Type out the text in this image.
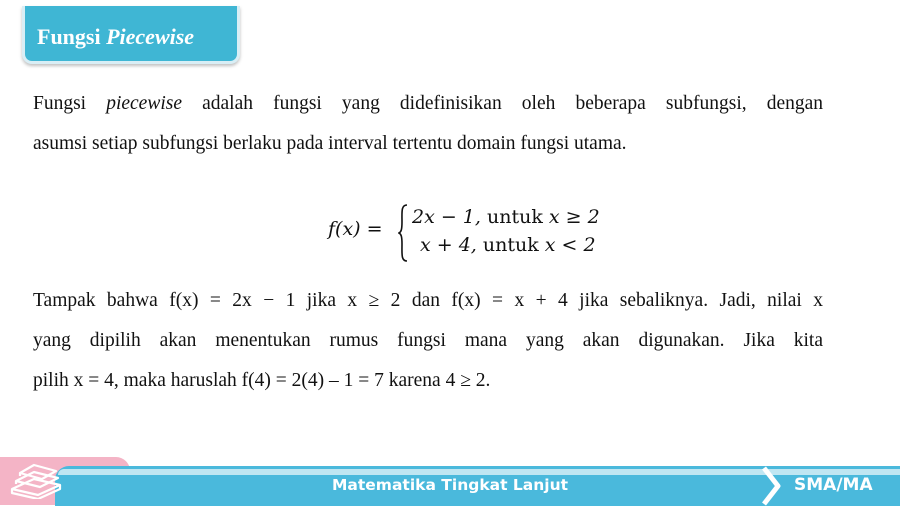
Fungsi Piecewise
Fungsi piecewise adalah fungsi yang didefinisikan oleh beberapa subfungsi, dengan
asumsi setiap subfungsi berlaku pada interval tertentu domain fungsi utama.
f(x) =
2x − 1, untuk x ≥ 2
x + 4, untuk x < 2
Tampak bahwa f(x) = 2x − 1 jika x ≥ 2 dan f(x) = x + 4 jika sebaliknya. Jadi, nilai x
yang dipilih akan menentukan rumus fungsi mana yang akan digunakan. Jika kita
pilih x = 4, maka haruslah f(4) = 2(4) – 1 = 7 karena 4 ≥ 2.
Matematika Tingkat Lanjut	SMA/MA
